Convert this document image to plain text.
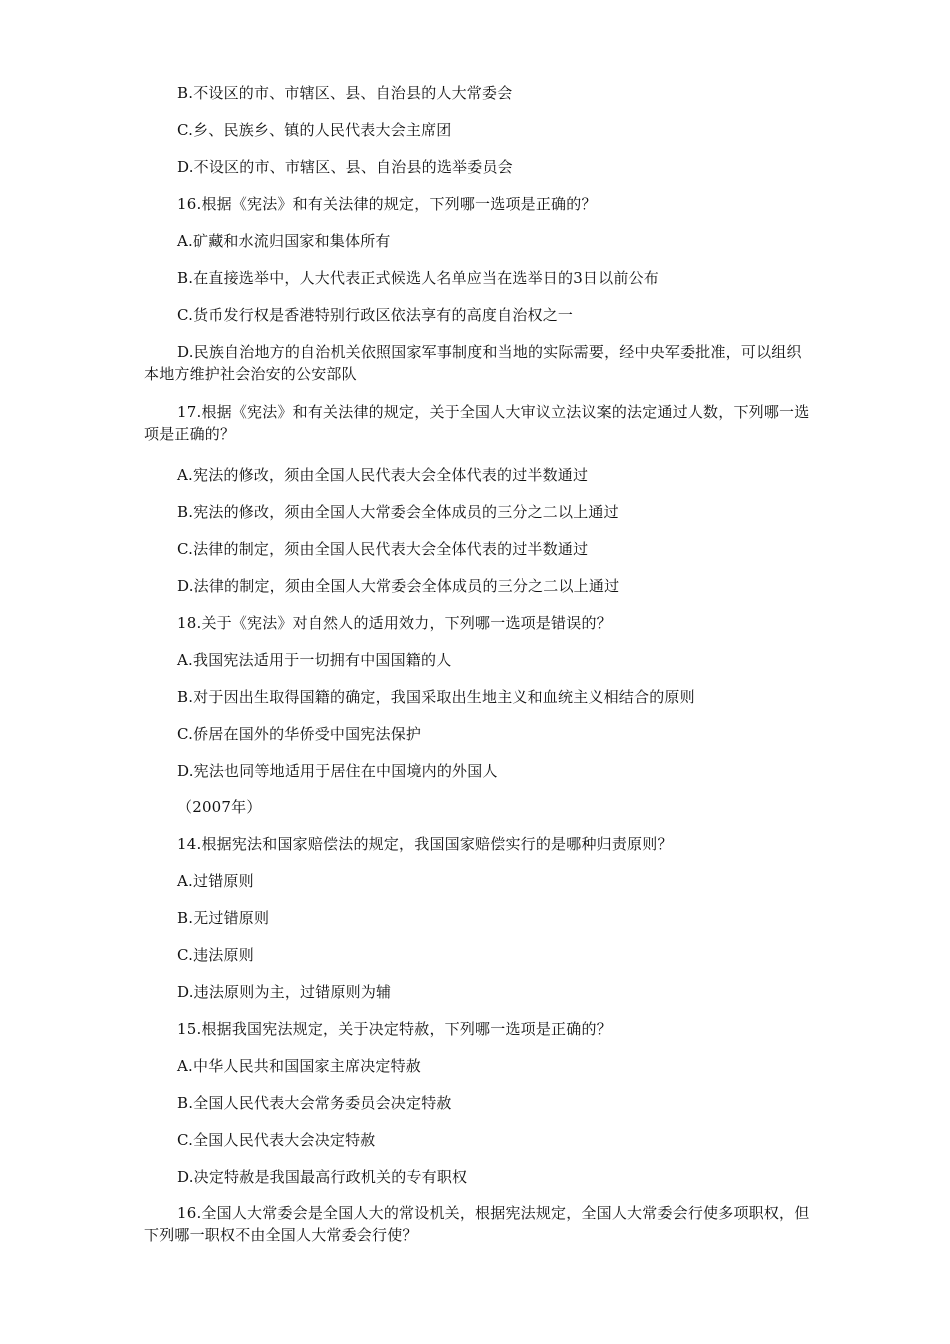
B.不设区的市、市辖区、县、自治县的人大常委会

C.乡、民族乡、镇的人民代表大会主席团

D.不设区的市、市辖区、县、自治县的选举委员会

16.根据《宪法》和有关法律的规定，下列哪一选项是正确的？

A.矿藏和水流归国家和集体所有

B.在直接选举中，人大代表正式候选人名单应当在选举日的3日以前公布

C.货币发行权是香港特别行政区依法享有的高度自治权之一

D.民族自治地方的自治机关依照国家军事制度和当地的实际需要，经中央军委批准，可以组织本地方维护社会治安的公安部队

17.根据《宪法》和有关法律的规定，关于全国人大审议立法议案的法定通过人数，下列哪一选项是正确的？

A.宪法的修改，须由全国人民代表大会全体代表的过半数通过

B.宪法的修改，须由全国人大常委会全体成员的三分之二以上通过

C.法律的制定，须由全国人民代表大会全体代表的过半数通过

D.法律的制定，须由全国人大常委会全体成员的三分之二以上通过

18.关于《宪法》对自然人的适用效力，下列哪一选项是错误的？

A.我国宪法适用于一切拥有中国国籍的人

B.对于因出生取得国籍的确定，我国采取出生地主义和血统主义相结合的原则

C.侨居在国外的华侨受中国宪法保护

D.宪法也同等地适用于居住在中国境内的外国人

（2007年）

14.根据宪法和国家赔偿法的规定，我国国家赔偿实行的是哪种归责原则？

A.过错原则

B.无过错原则

C.违法原则

D.违法原则为主，过错原则为辅

15.根据我国宪法规定，关于决定特赦，下列哪一选项是正确的？

A.中华人民共和国国家主席决定特赦

B.全国人民代表大会常务委员会决定特赦

C.全国人民代表大会决定特赦

D.决定特赦是我国最高行政机关的专有职权

16.全国人大常委会是全国人大的常设机关，根据宪法规定，全国人大常委会行使多项职权，但下列哪一职权不由全国人大常委会行使？
